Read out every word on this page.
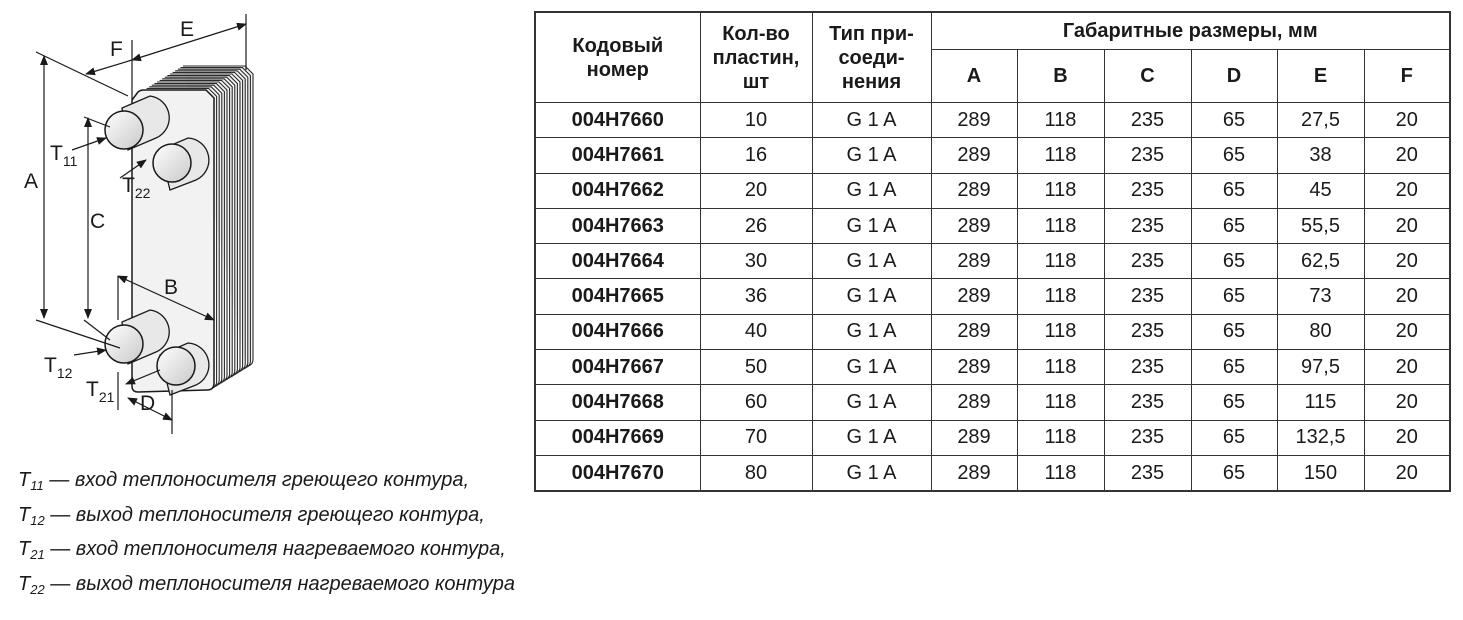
A
C
B
D
E
F
$T_{11}$
$T_{22}$
$T_{12}$
$T_{21}$
$T_{11}$ — вход теплоносителя греющего контура,
$T_{12}$ — выход теплоносителя греющего контура,
$T_{21}$ — вход теплоносителя нагреваемого контура,
$T_{22}$ — выход теплоносителя нагреваемого контура
Кодовый
номер	Кол-во
пластин,
шт	Тип при-
соеди-
нения	Габаритные размеры, мм					
			A	B	C	D	E	F
004H7660	10	G 1 A	289	118	235	65	27,5	20
004H7661	16	G 1 A	289	118	235	65	38	20
004H7662	20	G 1 A	289	118	235	65	45	20
004H7663	26	G 1 A	289	118	235	65	55,5	20
004H7664	30	G 1 A	289	118	235	65	62,5	20
004H7665	36	G 1 A	289	118	235	65	73	20
004H7666	40	G 1 A	289	118	235	65	80	20
004H7667	50	G 1 A	289	118	235	65	97,5	20
004H7668	60	G 1 A	289	118	235	65	115	20
004H7669	70	G 1 A	289	118	235	65	132,5	20
004H7670	80	G 1 A	289	118	235	65	150	20
